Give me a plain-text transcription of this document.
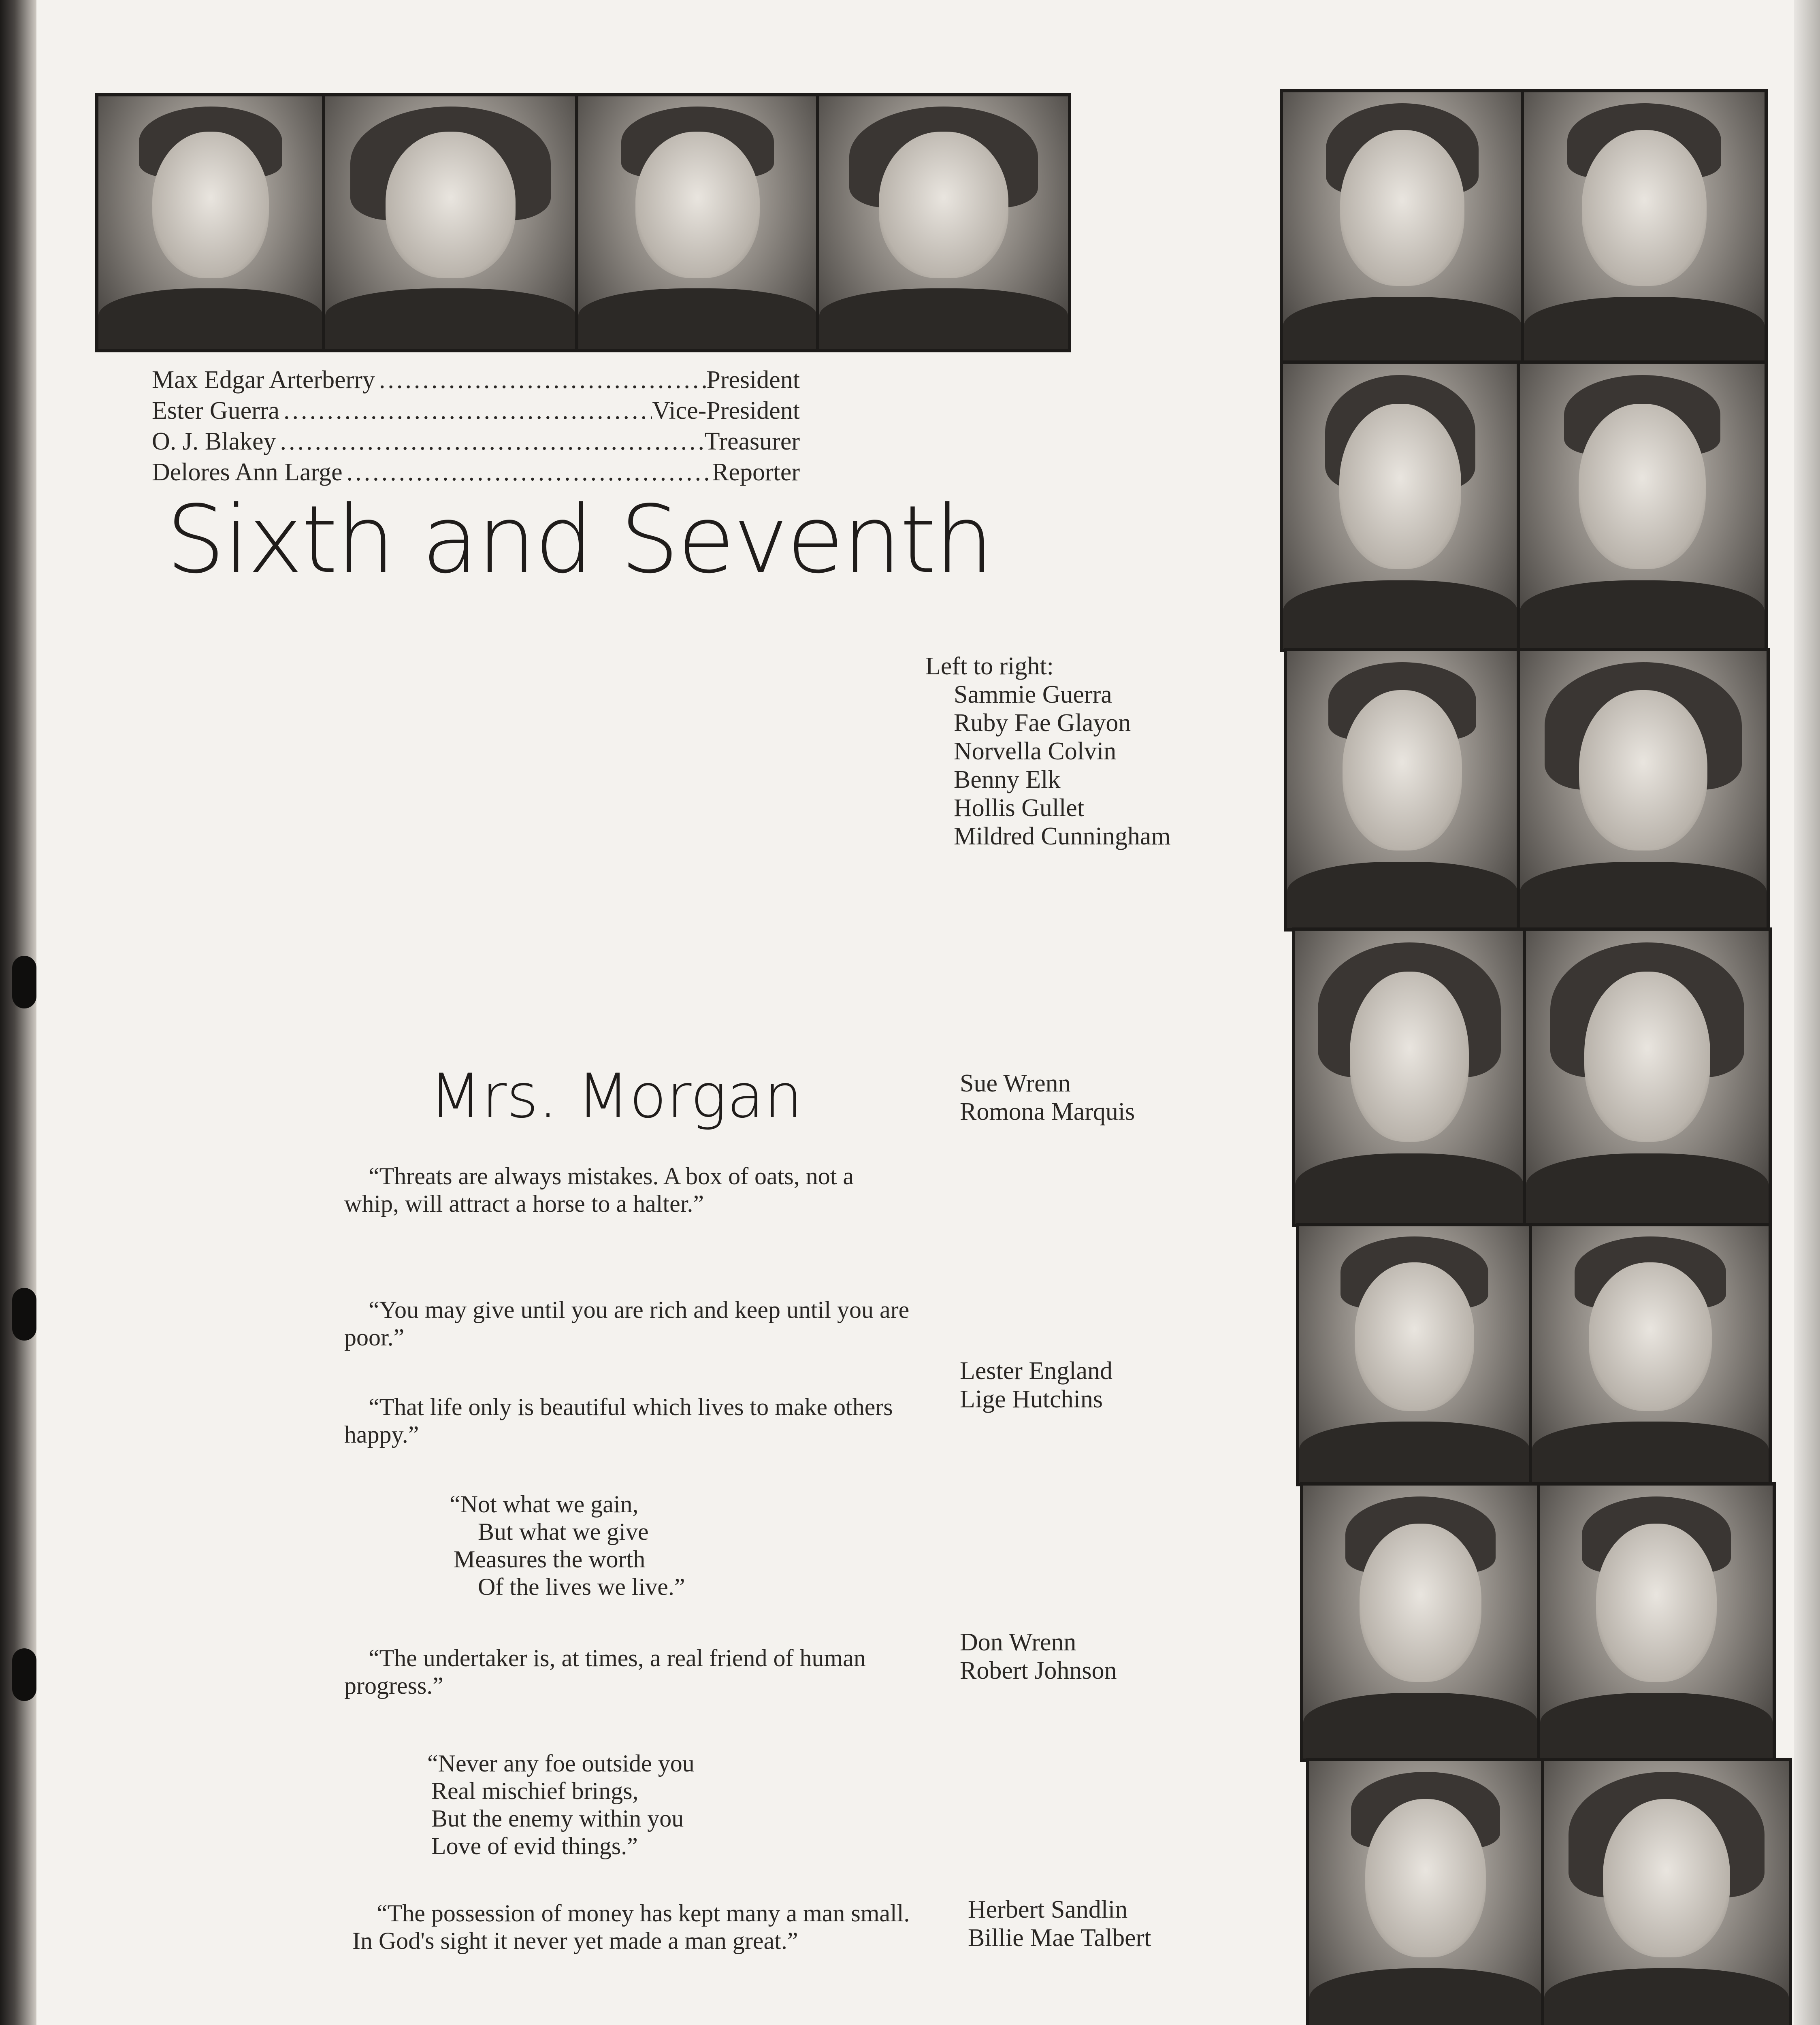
Max Edgar Arterberry .....	President
Ester Guerra .....	Vice-President
O. J. Blakey .....	Treasurer
Delores Ann Large .....	Reporter
Sixth and Seventh
Mrs. Morgan

“Threats are always mistakes. A box of oats, not a whip, will attract a horse to a halter.”

“You may give until you are rich and keep until you are poor.”

“That life only is beautiful which lives to make others happy.”

“Not what we gain,
But what we give
Measures the worth
Of the lives we live.”

“The undertaker is, at times, a real friend of human progress.”

“Never any foe outside you
Real mischief brings,
But the enemy within you
Love of evid things.”

“The possession of money has kept many a man small. In God's sight it never yet made a man great.”

Left to right:
Sammie Guerra
Ruby Fae Glayon
Norvella Colvin
Benny Elk
Hollis Gullet
Mildred Cunningham
Sue Wrenn
Romona Marquis
Lester England
Lige Hutchins
Don Wrenn
Robert Johnson
Herbert Sandlin
Billie Mae Talbert
